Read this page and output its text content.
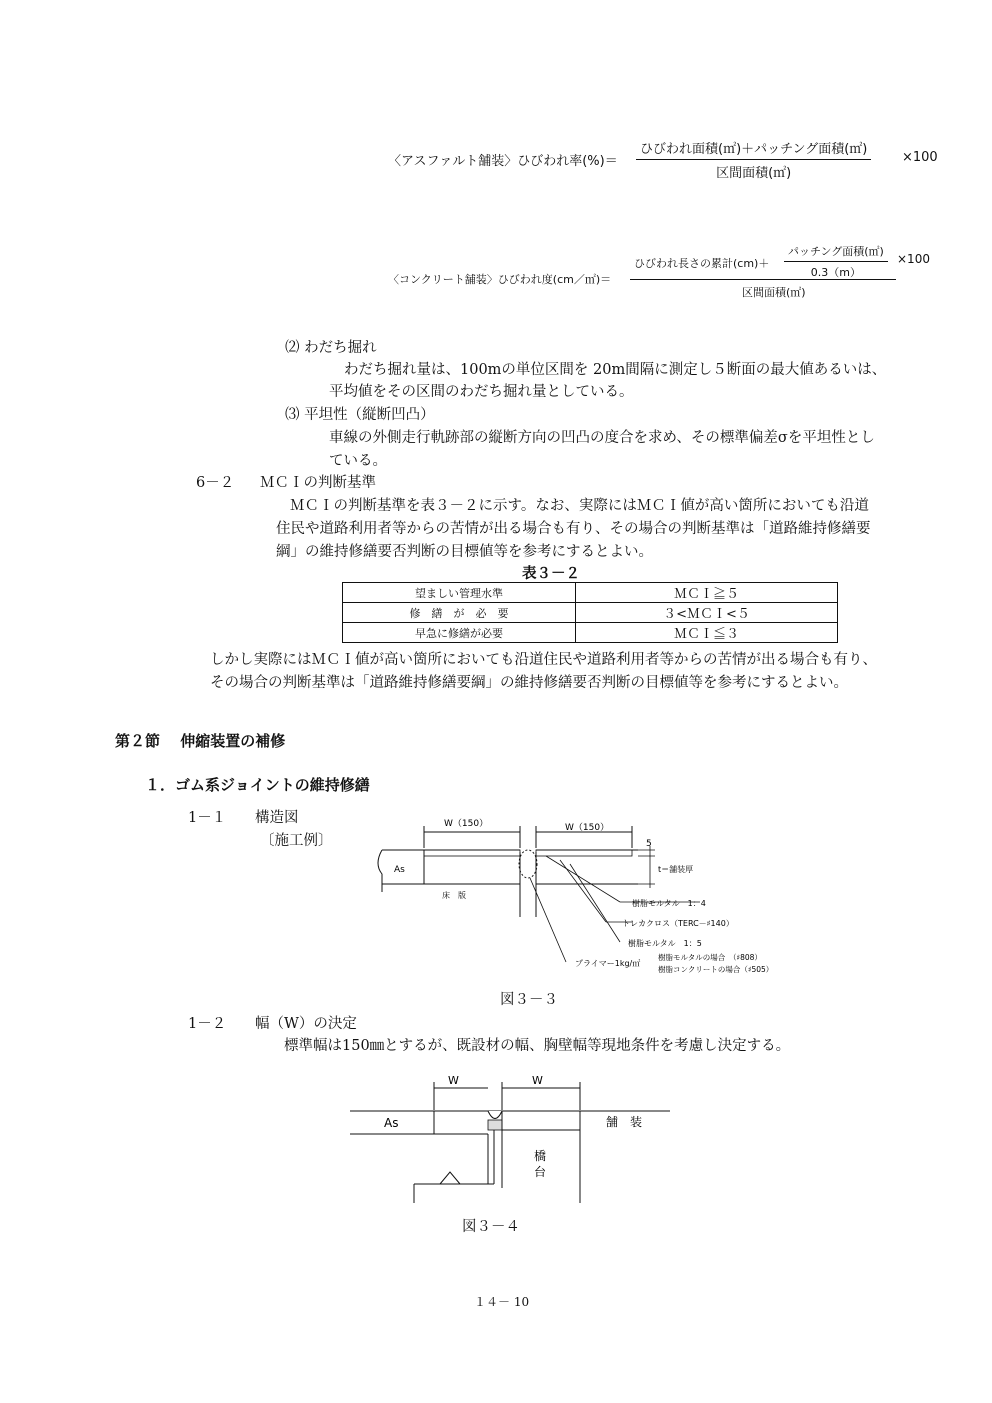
〈アスファルト舗装〉ひびわれ率(%)＝
ひびわれ面積(㎡)＋パッチング面積(㎡)
区間面積(㎡)
×100
〈コンクリート舗装〉ひびわれ度(cm／㎡)＝
ひびわれ長さの累計(cm)＋
パッチング面積(㎡)
0.3（m）
×100
区間面積(㎡)
⑵ わだち掘れ
わだち掘れ量は、100mの単位区間を 20m間隔に測定し５断面の最大値あるいは、
平均値をその区間のわだち掘れ量としている。
⑶ 平坦性（縦断凹凸）
車線の外側走行軌跡部の縦断方向の凹凸の度合を求め、その標準偏差σを平坦性とし
ている。
6－２ ＭＣＩの判断基準
ＭＣＩの判断基準を表３－２に示す。なお、実際にはＭＣＩ値が高い箇所においても沿道
住民や道路利用者等からの苦情が出る場合も有り、その場合の判断基準は「道路維持修繕要
綱」の維持修繕要否判断の目標値等を参考にするとよい。
表３－２
望ましい管理水準	ＭＣＩ≧５
修　繕　が　必　要	３<ＭＣＩ<５
早急に修繕が必要	ＭＣＩ≦３
しかし実際にはＭＣＩ値が高い箇所においても沿道住民や道路利用者等からの苦情が出る場合も有り、
その場合の判断基準は「道路維持修繕要綱」の維持修繕要否判断の目標値等を参考にするとよい。
第２節　 伸縮装置の補修
１．ゴム系ジョイントの維持修繕
1－１ 構造図
〔施工例〕
W（150）	W（150）
5
t＝舗装厚
As
床　版
樹脂モルタル　1：4
トレカクロス（TERC－♯140）
樹脂モルタル　1：5
プライマー1kg/㎡
樹脂モルタルの場合　（♯808）
樹脂コンクリートの場合（♯505）
図３－３
1－２ 幅（W）の決定
標準幅は150㎜とするが、既設材の幅、胸壁幅等現地条件を考慮し決定する。
W	W
As	舗　装
橋
台
図３－４
１４－ 10
